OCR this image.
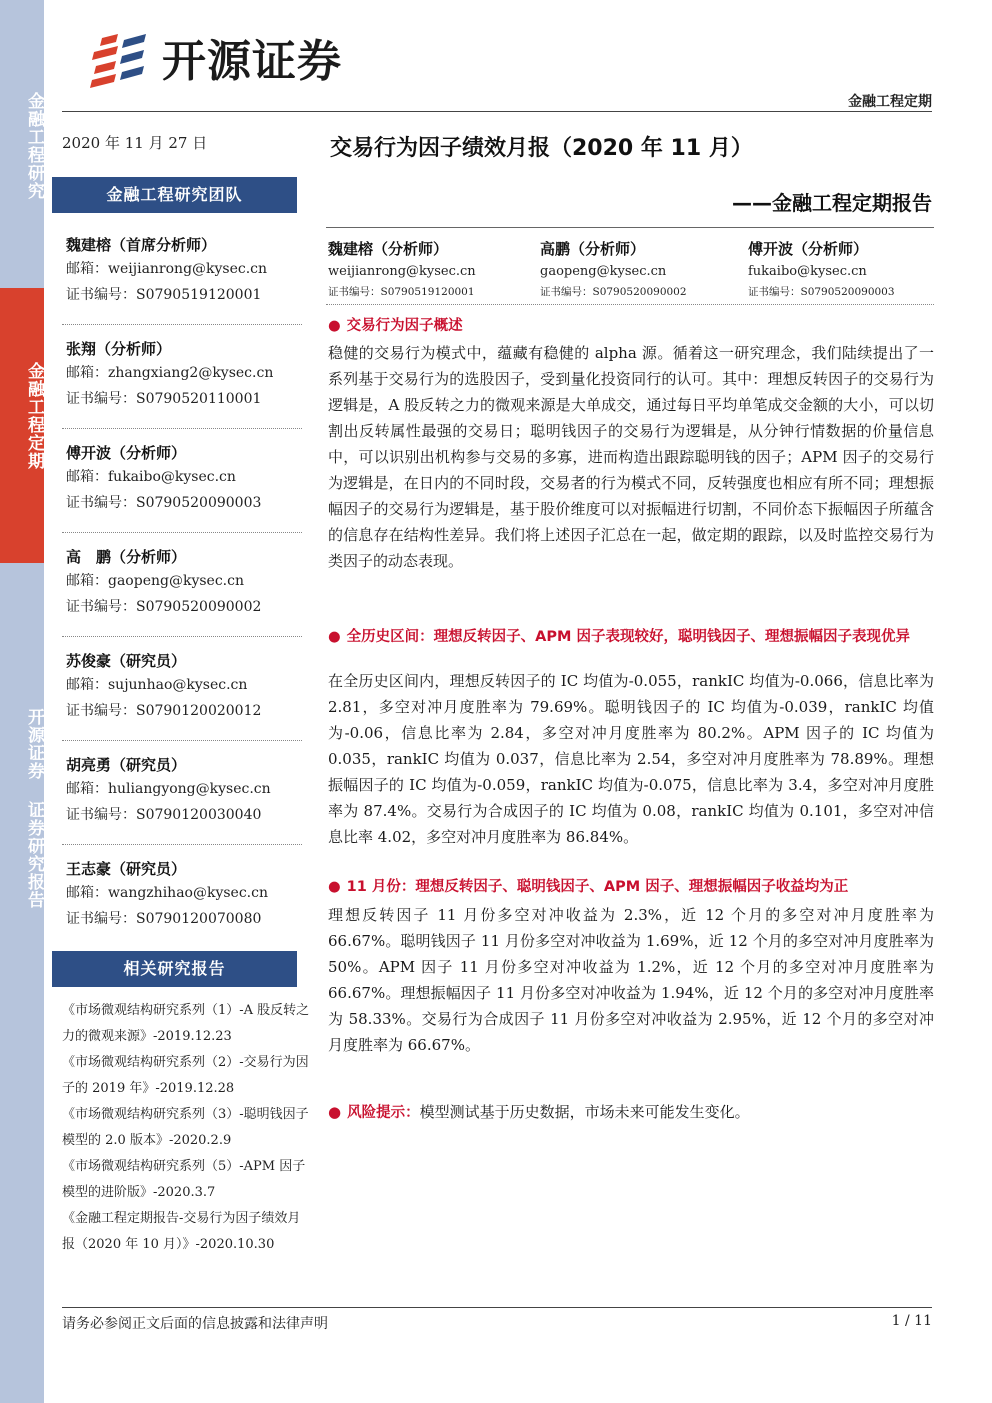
金融工程研究
金融工程定期
开源证券 证券研究报告
开源证券
金融工程定期
2020 年 11 月 27 日	交易行为因子绩效月报（2020 年 11 月）
——金融工程定期报告
金融工程研究团队
魏建榕（首席分析师）
邮箱：weijianrong@kysec.cn
证书编号：S0790519120001
张翔（分析师）
邮箱：zhangxiang2@kysec.cn
证书编号：S0790520110001
傅开波（分析师）
邮箱：fukaibo@kysec.cn
证书编号：S0790520090003
高　鹏（分析师）
邮箱：gaopeng@kysec.cn
证书编号：S0790520090002
苏俊豪（研究员）
邮箱：sujunhao@kysec.cn
证书编号：S0790120020012
胡亮勇（研究员）
邮箱：huliangyong@kysec.cn
证书编号：S0790120030040
王志豪（研究员）
邮箱：wangzhihao@kysec.cn
证书编号：S0790120070080
相关研究报告
《市场微观结构研究系列（1）-A 股反转之力的微观来源》-2019.12.23
《市场微观结构研究系列（2）-交易行为因子的 2019 年》-2019.12.28
《市场微观结构研究系列（3）-聪明钱因子模型的 2.0 版本》-2020.2.9
《市场微观结构研究系列（5）-APM 因子模型的进阶版》-2020.3.7
《金融工程定期报告-交易行为因子绩效月报（2020 年 10 月）》-2020.10.30
魏建榕（分析师）
weijianrong@kysec.cn
证书编号：S0790519120001
高鹏（分析师）
gaopeng@kysec.cn
证书编号：S0790520090002
傅开波（分析师）
fukaibo@kysec.cn
证书编号：S0790520090003
● 交易行为因子概述
稳健的交易行为模式中，蕴藏有稳健的 alpha 源。循着这一研究理念，我们陆续提出了一系列基于交易行为的选股因子，受到量化投资同行的认可。其中：理想反转因子的交易行为逻辑是，A 股反转之力的微观来源是大单成交，通过每日平均单笔成交金额的大小，可以切割出反转属性最强的交易日；聪明钱因子的交易行为逻辑是，从分钟行情数据的价量信息中，可以识别出机构参与交易的多寡，进而构造出跟踪聪明钱的因子；APM 因子的交易行为逻辑是，在日内的不同时段，交易者的行为模式不同，反转强度也相应有所不同；理想振幅因子的交易行为逻辑是，基于股价维度可以对振幅进行切割，不同价态下振幅因子所蕴含的信息存在结构性差异。我们将上述因子汇总在一起，做定期的跟踪，以及时监控交易行为类因子的动态表现。
● 全历史区间：理想反转因子、APM 因子表现较好，聪明钱因子、理想振幅因子表现优异
在全历史区间内，理想反转因子的 IC 均值为-0.055，rankIC 均值为-0.066，信息比率为 2.81，多空对冲月度胜率为 79.69%。聪明钱因子的 IC 均值为-0.039，rankIC 均值为-0.06，信息比率为 2.84，多空对冲月度胜率为 80.2%。APM 因子的 IC 均值为 0.035，rankIC 均值为 0.037，信息比率为 2.54，多空对冲月度胜率为 78.89%。理想振幅因子的 IC 均值为-0.059，rankIC 均值为-0.075，信息比率为 3.4，多空对冲月度胜率为 87.4%。交易行为合成因子的 IC 均值为 0.08，rankIC 均值为 0.101，多空对冲信息比率 4.02，多空对冲月度胜率为 86.84%。
● 11 月份：理想反转因子、聪明钱因子、APM 因子、理想振幅因子收益均为正
理想反转因子 11 月份多空对冲收益为 2.3%，近 12 个月的多空对冲月度胜率为 66.67%。聪明钱因子 11 月份多空对冲收益为 1.69%，近 12 个月的多空对冲月度胜率为 50%。APM 因子 11 月份多空对冲收益为 1.2%，近 12 个月的多空对冲月度胜率为 66.67%。理想振幅因子 11 月份多空对冲收益为 1.94%，近 12 个月的多空对冲月度胜率为 58.33%。交易行为合成因子 11 月份多空对冲收益为 2.95%，近 12 个月的多空对冲月度胜率为 66.67%。
● 风险提示：模型测试基于历史数据，市场未来可能发生变化。
请务必参阅正文后面的信息披露和法律声明	1 / 11
